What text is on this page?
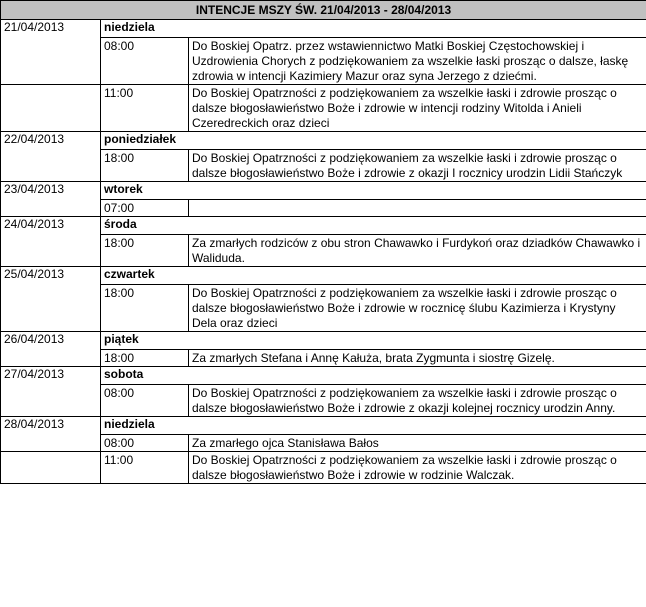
INTENCJE MSZY ŚW. 21/04/2013 - 28/04/2013		
21/04/2013	niedziela	
	08:00	Do Boskiej Opatrz. przez wstawiennictwo Matki Boskiej Częstochowskiej i Uzdrowienia Chorych z podziękowaniem za wszelkie łaski prosząc o dalsze, łaskę zdrowia w intencji Kazimiery Mazur oraz syna Jerzego z dziećmi.
	11:00	Do Boskiej Opatrzności z podziękowaniem za wszelkie łaski i zdrowie prosząc o dalsze błogosławieństwo Boże i zdrowie w intencji rodziny Witolda i Anieli Czeredreckich oraz dzieci
22/04/2013	poniedziałek	
	18:00	Do Boskiej Opatrzności z podziękowaniem za wszelkie łaski i zdrowie prosząc o dalsze błogosławieństwo Boże i zdrowie z okazji I rocznicy urodzin Lidii Stańczyk
23/04/2013	wtorek	
	07:00	
24/04/2013	środa	
	18:00	Za zmarłych rodziców z obu stron Chawawko i Furdykoń oraz dziadków Chawawko i Waliduda.
25/04/2013	czwartek	
	18:00	Do Boskiej Opatrzności z podziękowaniem za wszelkie łaski i zdrowie prosząc o dalsze błogosławieństwo Boże i zdrowie w rocznicę ślubu Kazimierza i Krystyny Dela oraz dzieci
26/04/2013	piątek	
	18:00	Za zmarłych Stefana i Annę Kałuża, brata Zygmunta i siostrę Gizelę.
27/04/2013	sobota	
	08:00	Do Boskiej Opatrzności z podziękowaniem za wszelkie łaski i zdrowie prosząc o dalsze błogosławieństwo Boże i zdrowie z okazji kolejnej rocznicy urodzin Anny.
28/04/2013	niedziela	
	08:00	Za zmarłego ojca Stanisława Bałos
	11:00	Do Boskiej Opatrzności z podziękowaniem za wszelkie łaski i zdrowie prosząc o dalsze błogosławieństwo Boże i zdrowie w rodzinie Walczak.
